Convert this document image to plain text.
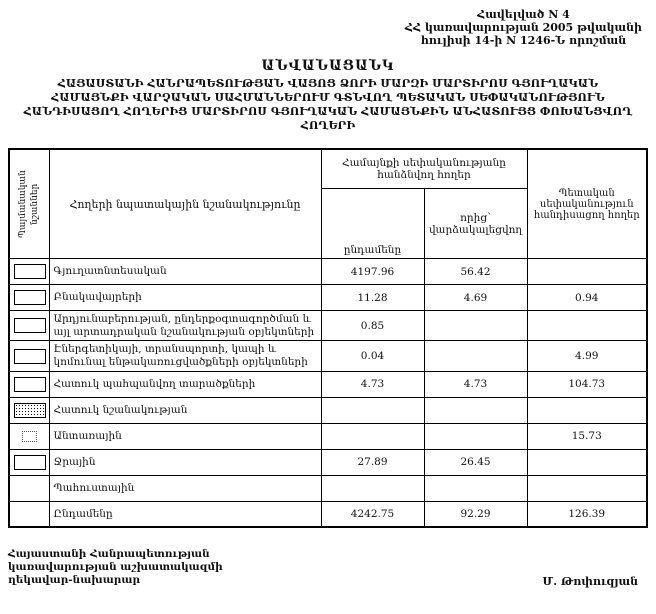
Հավելված N 4
ՀՀ կառավարության 2005 թվականի
հուլիսի 14-ի N 1246-Ն որոշման
ԱՆՎԱՆԱՑԱՆԿ
ՀԱՅԱՍՏԱՆԻ ՀԱՆՐԱՊԵՏՈՒԹՅԱՆ ՎԱՅՈՑ ՁՈՐԻ ՄԱՐԶԻ ՄԱՐՏԻՐՈՍ ԳՅՈՒՂԱԿԱՆ
ՀԱՄԱՅՆՔԻ ՎԱՐՉԱԿԱՆ ՍԱՀՄԱՆՆԵՐՈՒՄ ԳՏՆՎՈՂ ՊԵՏԱԿԱՆ ՍԵՓԱԿԱՆՈՒԹՅՈՒՆ
ՀԱՆԴԻՍԱՑՈՂ ՀՈՂԵՐԻՑ ՄԱՐՏԻՐՈՍ ԳՅՈՒՂԱԿԱՆ ՀԱՄԱՅՆՔԻՆ ԱՆՀԱՏՈՒՅՑ ՓՈԽԱՆՑՎՈՂ
ՀՈՂԵՐԻ
Պայմանական նշաններ	Հողերի նպատակային նշանակությունը	Համայնքի սեփականությանը հանձնվող հողեր		Պետական սեփականություն հանդիսացող հողեր
		ընդամենը	որից՝ վարձակալեցվող	

	Գյուղատնտեսական	4197.96	56.42	

	Բնակավայրերի	11.28	4.69	0.94

	Արդյունաբերության, ընդերքօգտագործման և այլ արտադրական նշանակության օբյեկտների	0.85		

	Էներգետիկայի, տրանսպորտի, կապի և կոմունալ ենթակառուցվածքների օբյեկտների	0.04		4.99

	Հատուկ պահպանվող տարածքների	4.73	4.73	104.73

	Հատուկ նշանակության			

	Անտառային			15.73

	Ջրային	27.89	26.45	
	Պահուստային			
	Ընդամենը	4242.75	92.29	126.39
Հայաստանի Հանրապետության
կառավարության աշխատակազմի
ղեկավար-նախարար	Մ. Թոփուզյան
